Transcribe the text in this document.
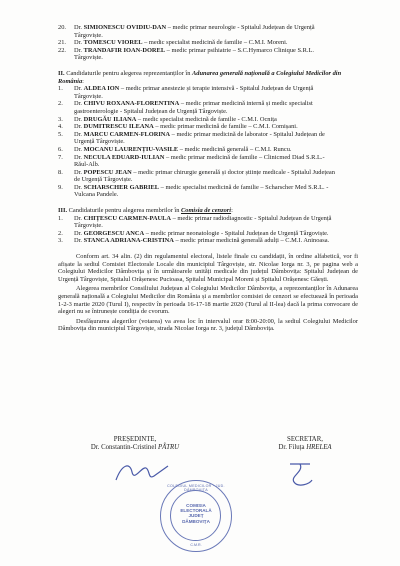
20.	Dr. SIMIONESCU OVIDIU-DAN – medic primar neurologie - Spitalul Județean de Urgență
Târgoviște.
21.	Dr. TOMESCU VIOREL – medic specialist medicină de familie – C.M.I. Moreni.
22.	Dr. TRANDAFIR IOAN-DOREL – medic primar psihiatrie – S.C.Hymarco Clinique S.R.L.
Târgoviște.
II. Candidaturile pentru alegerea reprezentanților în Adunarea generală națională a Colegiului Medicilor din România:
1.	Dr. ALDEA ION – medic primar anestezie și terapie intensivă - Spitalul Județean de Urgență
Târgoviște.
2.	Dr. CHIVU ROXANA-FLORENTINA – medic primar medicină internă și medic specialist
gastroenterologie - Spitalul Județean de Urgență Târgoviște.
3.	Dr. DRUGĂU ILIANA – medic specialist medicină de familie - C.M.I. Ocnița
4.	Dr. DUMITRESCU ILEANA – medic primar medicină de familie – C.M.I. Comișani.
5.	Dr. MARCU CARMEN-FLORINA – medic primar medicină de laborator - Spitalul Județean de
Urgență Târgoviște.
6.	Dr. MOCANU LAURENȚIU-VASILE – medic medicină generală – C.M.I. Runcu.
7.	Dr. NECULA EDUARD-IULIAN – medic primar medicină de familie – Clinicmed Diad S.R.L.-
Răul-Alb.
8.	Dr. POPESCU JEAN – medic primar chirurgie generală și doctor științe medicale - Spitalul Județean
de Urgență Târgoviște.
9.	Dr. SCHARSCHER GABRIEL – medic specialist medicină de familie – Scharscher Med S.R.L. -
Vulcana Pandele.
III. Candidaturile pentru alegerea membrilor în Comisia de cenzori:
1.	Dr. CHIȚESCU CARMEN-PAULA – medic primar radiodiagnostic - Spitalul Județean de Urgență
Târgoviște.
2.	Dr. GEORGESCU ANCA – medic primar neonatologie - Spitalul Județean de Urgență Târgoviște.
3.	Dr. STANCA ADRIANA-CRISTINA – medic primar medicină generală adulți – C.M.I. Aninoasa.

Conform art. 34 alin. (2) din regulamentul electoral, listele finale cu candidații, în ordine alfabetică, vor fi afișate la sediul Comisiei Electorale Locale din municipiul Târgoviște, str. Nicolae Iorga nr. 3, pe pagina web a Colegiului Medicilor Dâmbovița și în următoarele unități medicale din județul Dâmbovița: Spitalul Județean de Urgență Târgoviște, Spitalul Orășenesc Pucioasa, Spitalul Municipal Moreni și Spitalul Orășenesc Găești.

Alegerea membrilor Consiliului Județean al Colegiului Medicilor Dâmbovița, a reprezentanților în Adunarea generală națională a Colegiului Medicilor din România și a membrilor comisiei de cenzori se efectuează în perioada 1-2-3 martie 2020 (Turul I), respectiv în perioada 16-17-18 martie 2020 (Turul al II-lea) dacă la prima convocare de alegeri nu se întrunește condiția de cvorum.

Desfășurarea alegerilor (votarea) va avea loc în intervalul orar 8:00-20:00, la sediul Colegiului Medicilor Dâmbovița din municipiul Târgoviște, strada Nicolae Iorga nr. 3, județul Dâmbovița.

PREȘEDINTE,
Dr. Constantin-Cristinel PÂTRU
SECRETAR,
Dr. Filuța HRELEA
COLEGIUL MEDICILOR · JUD. DÂMBOVIȚA
COMISIA
ELECTORALĂ
JUDEȚ
DÂMBOVIȚA
C.M.R.
